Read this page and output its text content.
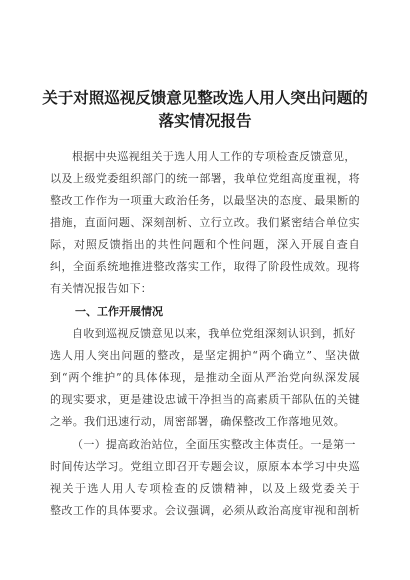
关于对照巡视反馈意见整改选人用人突出问题的
落实情况报告
根据中央巡视组关于选人用人工作的专项检查反馈意见，
以及上级党委组织部门的统一部署，我单位党组高度重视，将
整改工作作为一项重大政治任务，以最坚决的态度、最果断的
措施，直面问题、深刻剖析、立行立改。我们紧密结合单位实
际，对照反馈指出的共性问题和个性问题，深入开展自查自
纠，全面系统地推进整改落实工作，取得了阶段性成效。现将
有关情况报告如下：
一、工作开展情况
自收到巡视反馈意见以来，我单位党组深刻认识到，抓好
选人用人突出问题的整改，是坚定拥护“两个确立”、坚决做
到“两个维护”的具体体现，是推动全面从严治党向纵深发展
的现实要求，更是建设忠诚干净担当的高素质干部队伍的关键
之举。我们迅速行动，周密部署，确保整改工作落地见效。
（一）提高政治站位，全面压实整改主体责任。一是第一
时间传达学习。党组立即召开专题会议，原原本本学习中央巡
视关于选人用人专项检查的反馈精神，以及上级党委关于
整改工作的具体要求。会议强调，必须从政治高度审视和剖析
